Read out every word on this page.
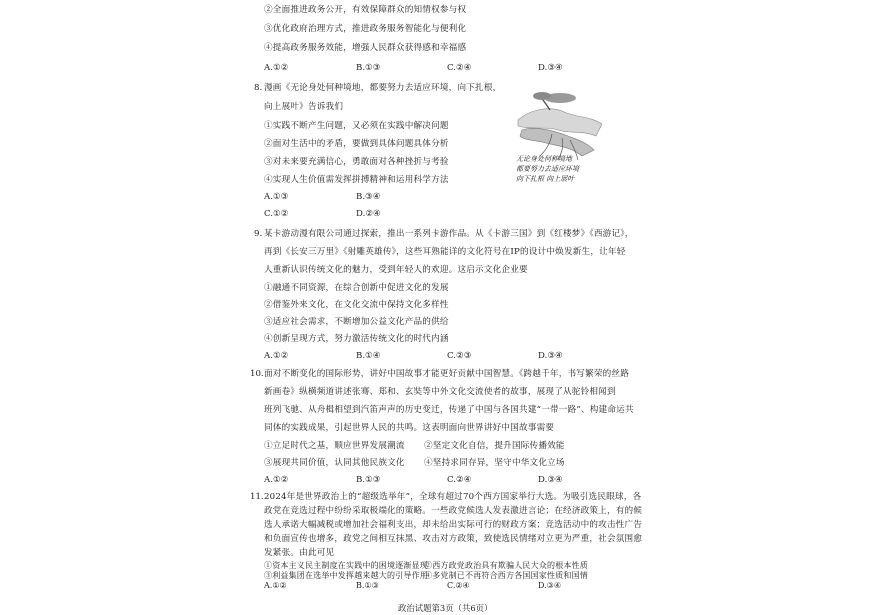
②全面推进政务公开，有效保障群众的知情权参与权
③优化政府治理方式，推进政务服务智能化与便利化
④提高政务服务效能，增强人民群众获得感和幸福感
A.①②	B.①③	C.②④	D.③④
8. 漫画《无论身处何种境地，都要努力去适应环境，向下扎根，
向上展叶》告诉我们
①实践不断产生问题，又必须在实践中解决问题
②面对生活中的矛盾，要做到具体问题具体分析
③对未来要充满信心，勇敢面对各种挫折与考验
④实现人生价值需发挥拼搏精神和运用科学方法
A.①③	B.③④
C.①②	D.②④
无论身处何种境地
都要努力去适应环境
向下扎根 向上展叶
9. 某卡游动漫有限公司通过探索，推出一系列卡游作品。从《卡游三国》到《红楼梦》《西游记》，
再到《长安三万里》《射雕英雄传》，这些耳熟能详的文化符号在IP的设计中焕发新生，让年轻
人重新认识传统文化的魅力，受到年轻人的欢迎。这启示文化企业要
①融通不同资源，在综合创新中促进文化的发展
②借鉴外来文化，在文化交流中保持文化多样性
③适应社会需求，不断增加公益文化产品的供给
④创新呈现方式，努力激活传统文化的时代内涵
A.①②	B.①④	C.②③	D.③④
10. 面对不断变化的国际形势，讲好中国故事才能更好贡献中国智慧。《跨越千年，书写繁荣的丝路
新画卷》纵横频道讲述张骞、郑和、玄奘等中外文化交流使者的故事，展现了从驼铃相闻到
班列飞驰、从舟楫相望到汽笛声声的历史变迁，传递了中国与各国共建“一带一路”、构建命运共
同体的实践成果，引起世界人民的共鸣。这表明面向世界讲好中国故事需要
①立足时代之基，顺应世界发展潮流 ②坚定文化自信，提升国际传播效能
③展现共同价值，认同其他民族文化 ④坚持求同存异，坚守中华文化立场
A.①②	B.①③	C.②④	D.③④
11. 2024年是世界政治上的“超级选举年”，全球有超过70个西方国家举行大选。为吸引选民眼球，各
政党在竞选过程中纷纷采取极端化的策略。一些政党候选人发表激进言论；在经济政策上，有的候
选人承诺大幅减税或增加社会福利支出，却未给出实际可行的财政方案；竞选活动中的攻击性广告
和负面宣传也增多，政党之间相互抹黑、攻击对方政策，致使选民情绪对立更为严重，社会氛围愈
发紧张。由此可见
①资本主义民主制度在实践中的困境逐渐显现
②西方政党政治具有欺骗人民大众的根本性质
③利益集团在选举中发挥越来越大的引导作用
④多党制已不再符合西方各国国家性质和国情
A.①②	B.①③	C.②④	D.③④
政治试题第3页（共6页）
